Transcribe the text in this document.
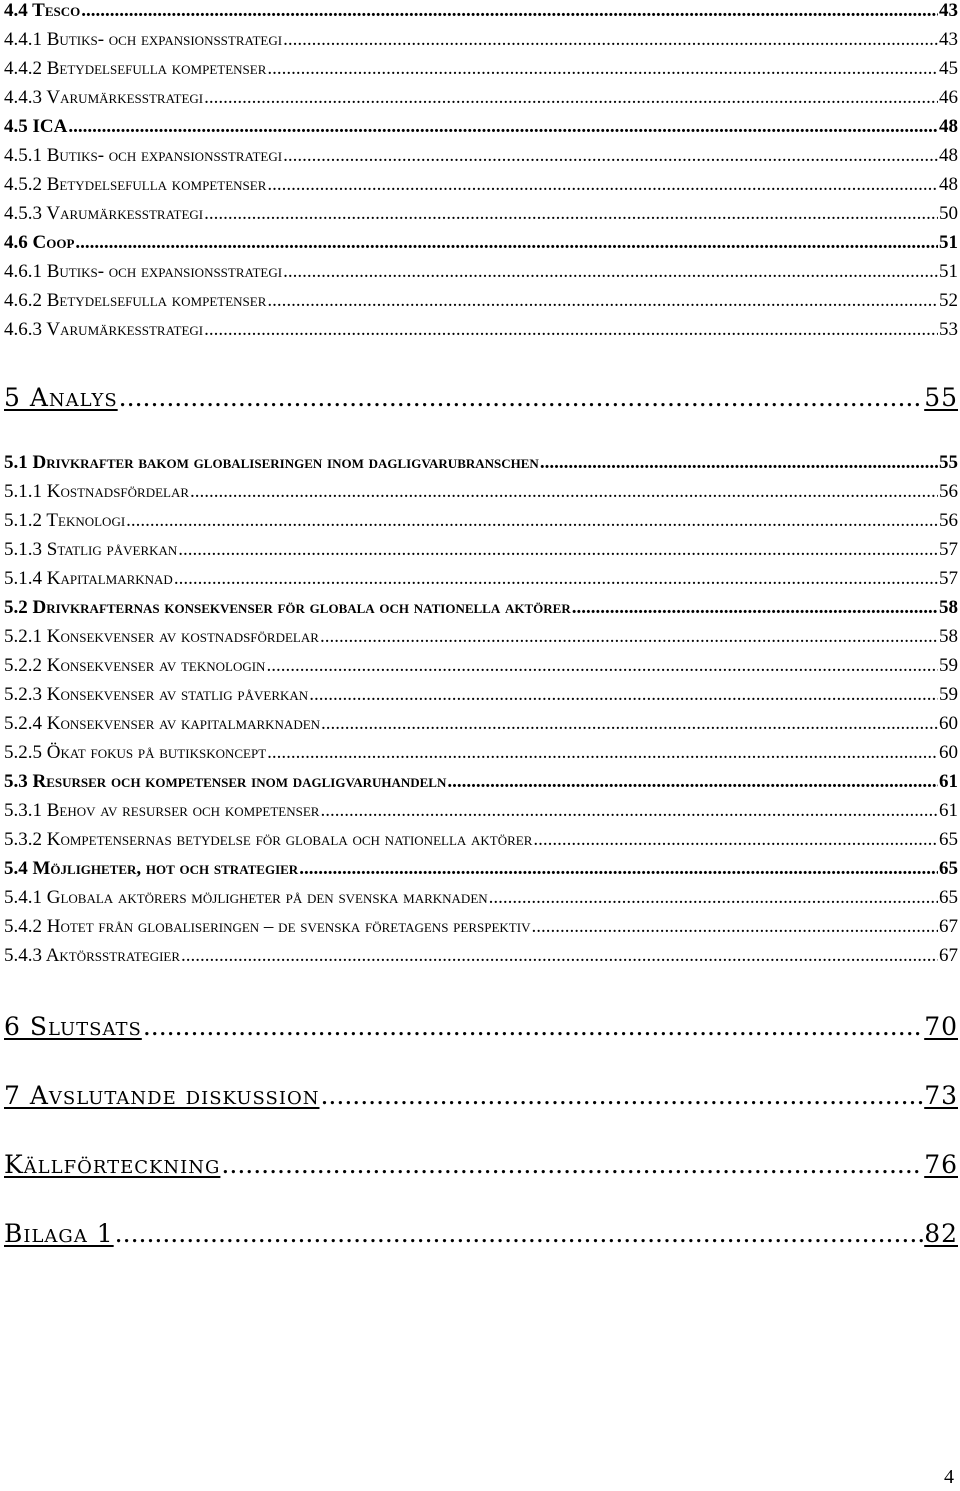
4.4 Tesco .....	43
4.4.1 Butiks- och expansionsstrategi .....	43
4.4.2 Betydelsefulla kompetenser .....	45
4.4.3 Varumärkesstrategi .....	46
4.5 ICA .....	48
4.5.1 Butiks- och expansionsstrategi .....	48
4.5.2 Betydelsefulla kompetenser .....	48
4.5.3 Varumärkesstrategi .....	50
4.6 Coop .....	51
4.6.1 Butiks- och expansionsstrategi .....	51
4.6.2 Betydelsefulla kompetenser .....	52
4.6.3 Varumärkesstrategi .....	53
5 Analys .....	55
5.1 Drivkrafter bakom globaliseringen inom dagligvarubranschen .....	55
5.1.1 Kostnadsfördelar .....	56
5.1.2 Teknologi .....	56
5.1.3 Statlig påverkan .....	57
5.1.4 Kapitalmarknad .....	57
5.2 Drivkrafternas konsekvenser för globala och nationella aktörer .....	58
5.2.1 Konsekvenser av kostnadsfördelar .....	58
5.2.2 Konsekvenser av teknologin .....	59
5.2.3 Konsekvenser av statlig påverkan .....	59
5.2.4 Konsekvenser av kapitalmarknaden .....	60
5.2.5 Ökat fokus på butikskoncept .....	60
5.3 Resurser och kompetenser inom dagligvaruhandeln .....	61
5.3.1 Behov av resurser och kompetenser .....	61
5.3.2 Kompetensernas betydelse för globala och nationella aktörer .....	65
5.4 Möjligheter, hot och strategier .....	65
5.4.1 Globala aktörers möjligheter på den svenska marknaden .....	65
5.4.2 Hotet från globaliseringen – de svenska företagens perspektiv .....	67
5.4.3 Aktörsstrategier .....	67
6 Slutsats .....	70
7 Avslutande diskussion .....	73
Källförteckning .....	76
Bilaga 1 .....	82
4
